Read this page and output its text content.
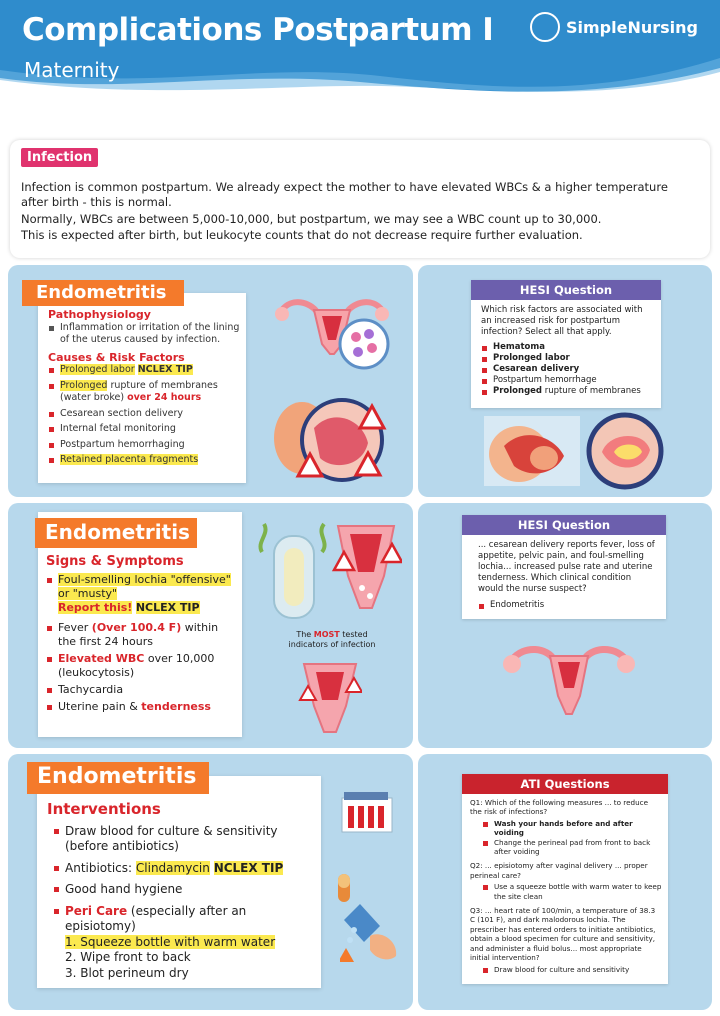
Complications Postpartum I
Maternity
SimpleNursing
Infection
Infection is common postpartum. We already expect the mother to have elevated WBCs & a higher temperature after birth - this is normal.
Normally, WBCs are between 5,000-10,000, but postpartum, we may see a WBC count up to 30,000.
This is expected after birth, but leukocyte counts that do not decrease require further evaluation.
Pathophysiology
Inflammation or irritation of the lining of the uterus caused by infection.
Causes & Risk Factors
Prolonged labor NCLEX TIP
Prolonged rupture of membranes (water broke) over 24 hours
Cesarean section delivery
Internal fetal monitoring
Postpartum hemorrhaging
Retained placenta fragments
Endometritis	HESI Question
Which risk factors are associated with an increased risk for postpartum infection? Select all that apply.
Hematoma
Prolonged labor
Cesarean delivery
Postpartum hemorrhage
Prolonged rupture of membranes
Signs & Symptoms
Foul-smelling lochia "offensive" or "musty"
Report this! NCLEX TIP
Fever (Over 100.4 F) within the first 24 hours
Elevated WBC over 10,000 (leukocytosis)
Tachycardia
Uterine pain & tenderness
Endometritis
The MOST tested indicators of infection
HESI Question
... cesarean delivery reports fever, loss of appetite, pelvic pain, and foul-smelling lochia... increased pulse rate and uterine tenderness. Which clinical condition would the nurse suspect?
Endometritis
Interventions
Draw blood for culture & sensitivity (before antibiotics)
Antibiotics: Clindamycin NCLEX TIP
Good hand hygiene
Peri Care (especially after an episiotomy)
1. Squeeze bottle with warm water
2. Wipe front to back
3. Blot perineum dry
Endometritis	ATI Questions
Q1: Which of the following measures ... to reduce the risk of infections?
Wash your hands before and after voiding
Change the perineal pad from front to back after voiding
Q2: ... episiotomy after vaginal delivery ... proper perineal care?
Use a squeeze bottle with warm water to keep the site clean
Q3: ... heart rate of 100/min, a temperature of 38.3 C (101 F), and dark malodorous lochia. The prescriber has entered orders to initiate antibiotics, obtain a blood specimen for culture and sensitivity, and administer a fluid bolus... most appropriate initial intervention?
Draw blood for culture and sensitivity
